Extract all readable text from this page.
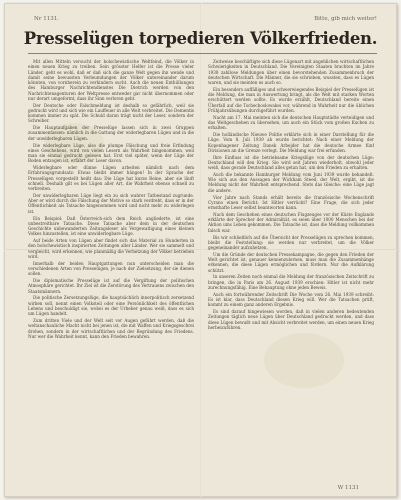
Nr 1131.	Bitte, gib mich weiter!
Presselügen torpedieren Völkerfrieden.

Mit allen Mitteln versucht der bolschewistische Weltfeind, die Völker in einen neuen Krieg zu treiben. Sein grösster Helfer ist die Presse vieler Länder, geht es wohl, daß er daß sich die ganze Welt gegen ihn wende und damit seine bewussten Verleumdungen der Völker untereinander darum könnten, von vornherein zu verhindern sucht. Auch die neuen Enthüllungen des Hamburger Nachrichtendienstes Die Dietrich werden von den Nachrichtenagenturen der Weltpresse entweder gar nicht übernommen oder nur derart umgeformt, dass ihr Sinn verloren geht.

Der Deutsche oder Falschmeldung ist deshalb so gefährlich, weil sie gedruckt wird und sich wie ein Lauffeuer in alle Welt verbreitet. Die Dementis kommen immer zu spät. Die Schuld daran trägt nicht der Leser, sondern der Schreiber.

Die Hauptaufgaben der Presselüge lassen sich in zwei Gruppen zusammenfassen: nämlich in die Gattung der widerlegbaren Lügen und in die der unwiderlegbaren Lügen.

Die widerlegbare Lüge, also die plumpe Fälschung und freie Erfindung eines Geschehens, wird von vielen Lesern als Wahrheit hingenommen, weil man sie einmal gedruckt gelesen hat. Erst viel später, wenn der Lüge der Boden entzogen ist, erfährt der Leser davon.

Widerlegbare oder dünne Lügen arbeiten nämlich nach dem Erfahrungsgrundsatz: Etwas bleibt immer hängen! In der Sprache der Presselügen vorgestellt heißt das: Die Lüge hat kurze Beine, aber sie läuft schnell. Deshalb gilt es bei Lügen aller Art, die Wahrheit ebenso schnell zu verbreiten.

Der unwiderlegbaren Lüge liegt ein zu sich wahrer Tatbestand zugrunde. Aber er wird durch die Fälschung der Motive so stark verdreht, dass er in der Öffentlichkeit als Tatsache hingenommen wird und nicht mehr zu widerlegen ist.

Ein Beispiel: Daß Österreich-sich dem Reich angliederte, ist eine unbestreitbare Tatsache. Diese Tatsache aber dem in der deutschen Geschichte unbewanderten Zeitungsleser als Vergewaltigung eines kleinen Volkes hinzustellen, ist eine unwiderlegbare Lüge.

Auf beide Arten von Lügen aber findet sich das Material zu Hunderten in den bolschewistisch inspirierten Zeitungen aller Länder. Wer sie sammelt und vergleicht, wird erkennen, wie planmäßig die Verhetzung der Völker betrieben wird.

Innerhalb der beiden Hauptgattungen nun unterscheiden man die verschiedenen Arten von Presselügen, je nach der Zielsetzung, der sie dienen sollen.

Die diplomatische Presselüge ist auf die Vergiftung der politischen Atmosphäre gerichtet. Ihr Ziel ist die Zerstörung des Vertrauens zwischen den Staatsmännern.

Die politische Zersetzungslüge, die hauptsächlich innerpolitisch zersetzend wirken soll, nennt einen Volksteil oder eine Persönlichkeit des öffentlichen Lebens und beschuldigt sie, wobei es der Urheber genau weiß, dass es sich um Lügen handelt.

Zum dritten Viele und der Welt seit vor Augen geführt werden, daß die weltanschauliche Macht nicht bei jenen ist, die mit Waffen und Kriegsgeschrei drohen, sondern in der wirtschaftlichen und der Begründung des Friedens. Nur wer die Wahrheit kennt, kann den Frieden bewahren.

Zeitweise beschäftigte sich diese Lügenart mit angeblichen wirtschaftlichen Schwierigkeiten in Deutschland. Die Vereinigten Staaten brachten im Jahre 1938 zahllose Meldungen über einen bevorstehenden Zusammenbruch der deutschen Wirtschaft. Die Männer, die sie schrieben, wussten, dass es Lügen waren, und sie meinten es auch so.

Ein besonders auffälliges und schwerwiegendes Beispiel der Presselügen ist die Meldung, die man in Auswertung bringt, als die Welt mit starken Worten erschüttert werden sollte. Es wurde erzählt, Deutschland bereite einen Überfall auf die Tschechoslowakei vor, während in Wahrheit nur die üblichen Frühjahrsübungen durchgeführt wurden.

Nacht am 17. Mai meinten sich die deutschen Hauptstädte verteidigen und das Weltgeschehen zu übersehen, um auch ein Stück vom großen Kuchen zu erhalten.

Die holländische Nieuwe Politie erklärte sich in einer Darstellung für die Lüge. Vom 8. Juli 1939 ab wurde berichtet: Nach einer Meldung der Kopenhagener Zeitung Dansk Arbejder hat die deutsche Armee fünf Divisionen an die Grenze verlegt. Die Meldung war frei erfunden.

Ihre Einfluss ist die betriebsame Kriegslüge von der deutschen Lüge: Deutschland will den Krieg. Sie wird seit Jahren wiederholt, obwohl jeder weiß, dass gerade Deutschland alles getan hat, um den Frieden zu erhalten.

Auch die bekannte Hamburger Meldung vom Juni 1939 wurde behandelt. Wie sich aus den Aussagen der Wickham Steed, der Welt, ergibt, ist die Meldung nicht der Wahrheit entsprechend. Stets das Gleiche: eine Lüge jagt die andere.

Vier Jahre nach Stands erhält bereits die französische Wochenschrift Cyrano einen Bericht: Ist Hitler verrückt? Eine Frage, die sich jeder ernsthafte Leser selbst beantworten kann.

Nach dem Geschehen eines deutschen Flugzeuges vor der Küste Englands erklärte der Sprecher der Admiralität, es seien über 1000 Menschen bei der Aktion ums Leben gekommen. Die Tatsache ist, dass die Meldung vollkommen falsch war.

Bis wir schließlich auf die Übersicht der Presselügen zu sprechen kommen, bleibt die Feststellung: sie werden nur verbreitet, um die Völker gegeneinander aufzuhetzen.

Um die Gründe der deutschen Pressekampagne, die gegen den Frieden der Welt gerichtet ist, genauer kennenzulernen, muss man die Zusammenhänge erkennen, die diese Lügen ermöglichen und fördern. Nur die Aufklärung schützt.

In unseren Zeiten noch einmal die Meldung der französischen Zeitschrift zu bringen, die in Paris am 26. August 1939 erschien: Hitler ist nicht mehr zurechnungsfähig. Eine Behauptung ohne jeden Beweis.

Auch ein fortwährender Zeitschrift Die Woche vom 26. Mai 1939 schreibt: Es ist klar, dass Deutschland diesen Krieg will. Wer die Tatsachen prüft, kommt zu einem ganz anderen Ergebnis.

Es sind darauf hingewiesen worden, daß in vielen anderen bedeutenden Zeitungen täglich neue Lügen über Deutschland gedruckt werden, und dass diese Lügen bewußt und mit Absicht verbreitet werden, um einen neuen Krieg herbeizuführen.

W 1131
